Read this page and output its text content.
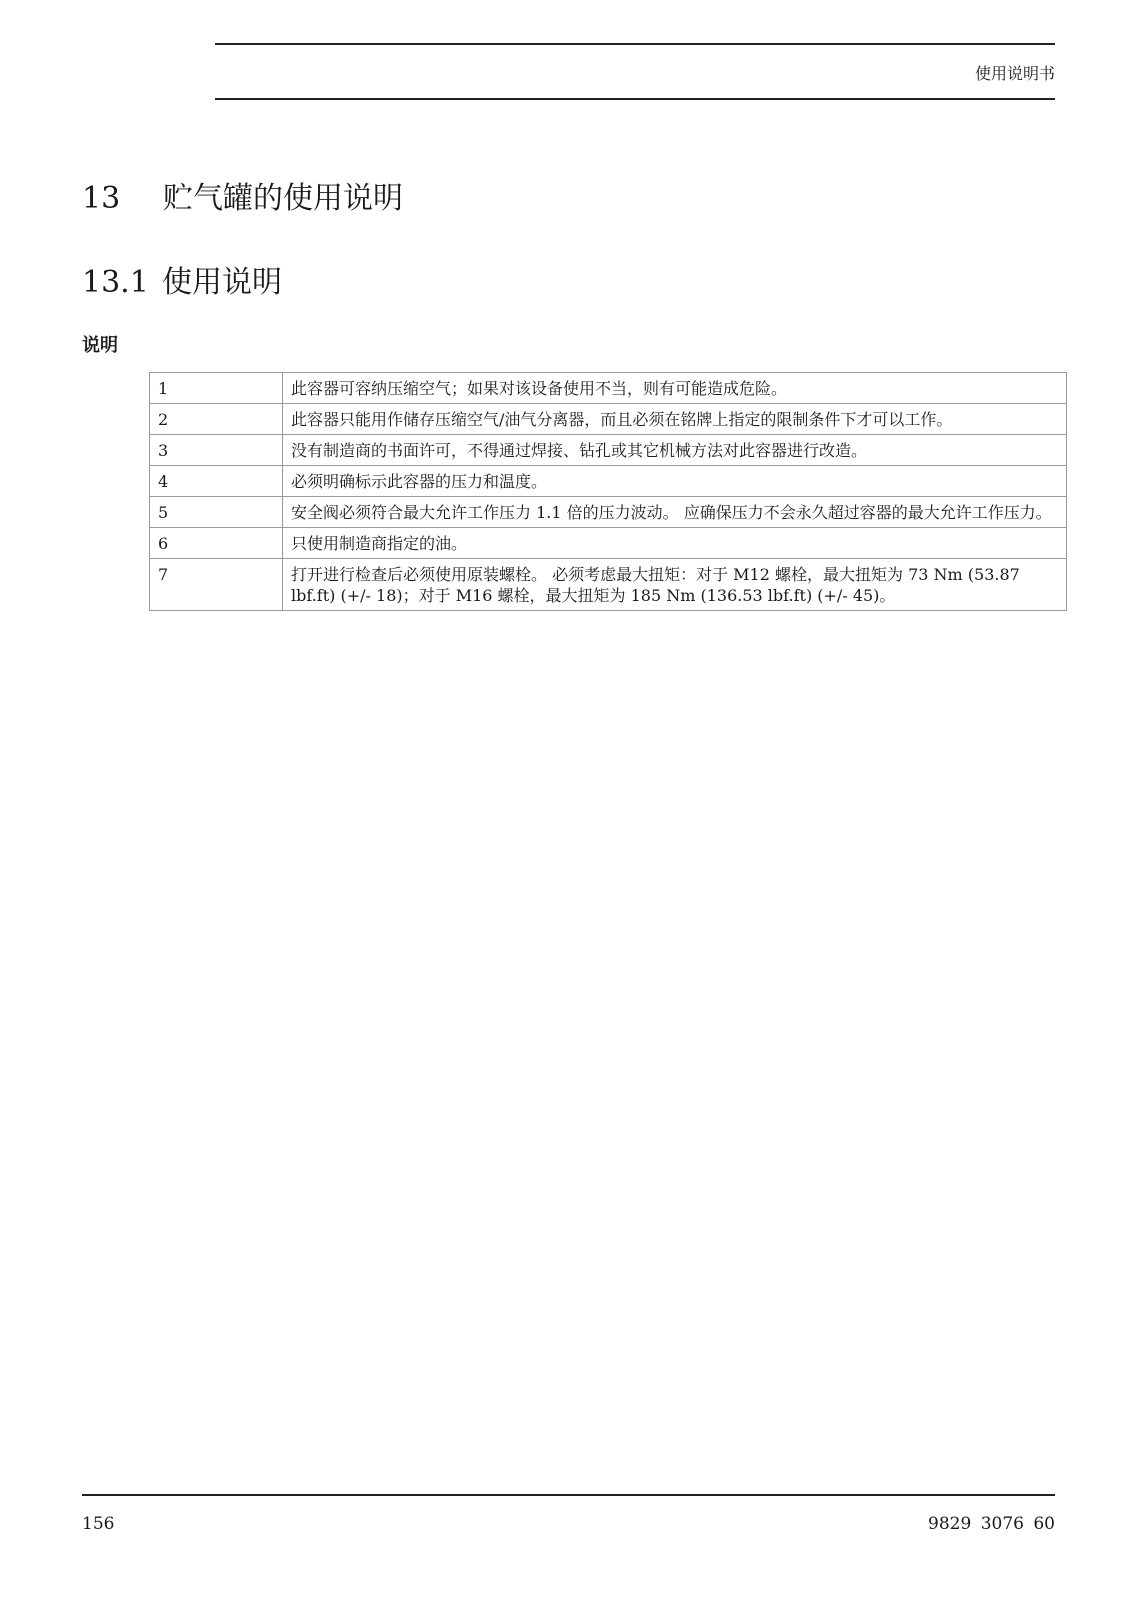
使用说明书
13 贮气罐的使用说明
13.1 使用说明
说明
1	此容器可容纳压缩空气；如果对该设备使用不当，则有可能造成危险。
2	此容器只能用作储存压缩空气/油气分离器，而且必须在铭牌上指定的限制条件下才可以工作。
3	没有制造商的书面许可，不得通过焊接、钻孔或其它机械方法对此容器进行改造。
4	必须明确标示此容器的压力和温度。
5	安全阀必须符合最大允许工作压力 1.1 倍的压力波动。 应确保压力不会永久超过容器的最大允许工作压力。
6	只使用制造商指定的油。
7	打开进行检查后必须使用原装螺栓。 必须考虑最大扭矩：对于 M12 螺栓，最大扭矩为 73 Nm (53.87 lbf.ft) (+/- 18)；对于 M16 螺栓，最大扭矩为 185 Nm (136.53 lbf.ft) (+/- 45)。
156	9829 3076 60
